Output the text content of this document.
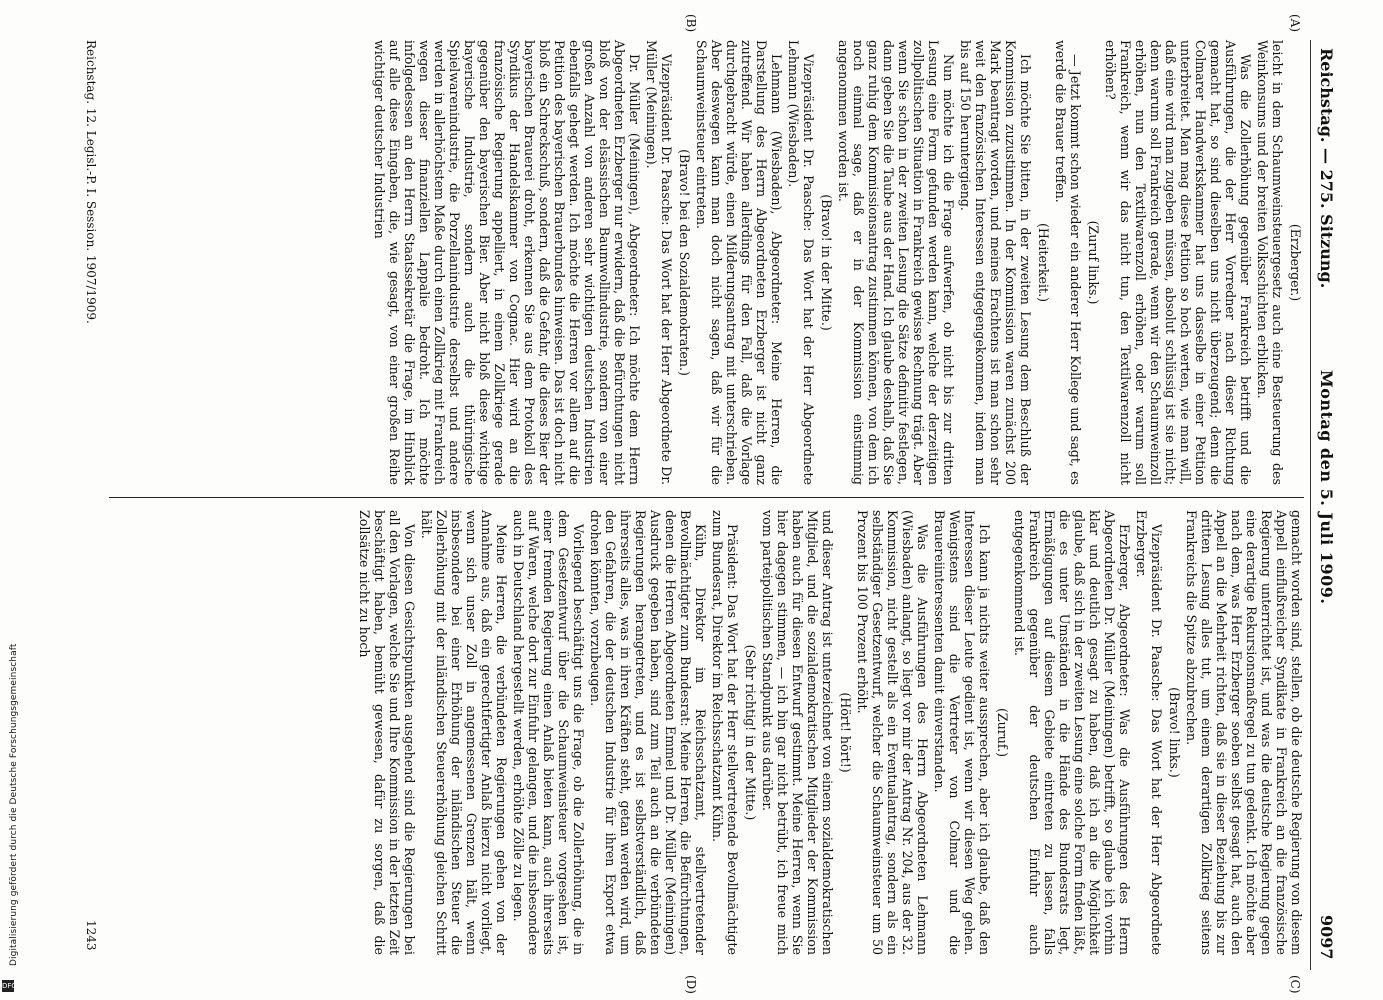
Digitalisierung gefördert durch die Deutsche Forschungsgemeinschaft
DFG
Reichstag. — 275. Sitzung.
Montag den 5. Juli 1909.
9097

(Erzberger.)

leicht in dem Schaumweinsteuergesetz auch eine Besteuerung des Weinkonsums und der breiten Volksschichten erblicken.

Was die Zollerhöhung gegenüber Frankreich betrifft und die Ausführungen, die der Herr Vorredner nach dieser Richtung gemacht hat, so sind dieselben uns nicht überzeugend; denn die Colmarer Handwerkskammer hat uns dasselbe in einer Petition unterbreitet. Man mag diese Petition so hoch werten, wie man will, daß eine wird man zugeben müssen, absolut schlüssig ist sie nicht; denn warum soll Frankreich gerade, wenn wir den Schaumweinzoll erhöhen, nun den Textilwarenzoll erhöhen, oder warum soll Frankreich, wenn wir das nicht tun, den Textilwarenzoll nicht erhöhen?

(Zuruf links.)

— Jetzt kommt schon wieder ein anderer Herr Kollege und sagt, es werde die Brauer treffen.

(Heiterkeit.)

Ich möchte Sie bitten, in der zweiten Lesung dem Beschluß der Kommission zuzustimmen. In der Kommission waren zunächst 200 Mark beantragt worden, und meines Erachtens ist man schon sehr weit den französischen Interessen entgegengekommen, indem man bis auf 150 heruntergieng.

Nun möchte ich die Frage aufwerfen, ob nicht bis zur dritten Lesung eine Form gefunden werden kann, welche der derzeitigen zollpolitischen Situation in Frankreich gewisse Rechnung trägt. Aber wenn Sie schon in der zweiten Lesung die Sätze definitiv festlegen, dann geben Sie die Taube aus der Hand. Ich glaube deshalb, daß Sie ganz ruhig dem Kommissionsantrag zustimmen können, von dem ich noch einmal sage, daß er in der Kommission einstimmig angenommen worden ist.

(Bravo! in der Mitte.)

Vizepräsident Dr. Paasche: Das Wort hat der Herr Abgeordnete Lehmann (Wiesbaden).

Lehmann (Wiesbaden), Abgeordneter: Meine Herren, die Darstellung des Herrn Abgeordneten Erzberger ist nicht ganz zutreffend. Wir haben allerdings für den Fall, daß die Vorlage durchgebracht würde, einen Milderungsantrag mit unterschrieben. Aber deswegen kann man doch nicht sagen, daß wir für die Schaumweinsteuer eintreten.

(Bravo! bei den Sozialdemokraten.)

Vizepräsident Dr. Paasche: Das Wort hat der Herr Abgeordnete Dr. Müller (Meiningen).

Dr. Müller (Meiningen), Abgeordneter: Ich möchte dem Herrn Abgeordneten Erzberger nur erwidern, daß die Befürchtungen nicht bloß von der elsässischen Baumwollindustrie, sondern von einer großen Anzahl von anderen sehr wichtigen deutschen Industrien ebenfalls gehegt werden. Ich möchte die Herren vor allem auf die Petition des bayerischen Brauerbundes hinweisen. Das ist doch nicht bloß ein Schreckschuß, sondern, daß die Gefahr, die dieses Bier der bayerischen Brauerei droht, erkennen Sie aus dem Protokoll des Syndikus der Handelskammer von Cognac. Hier wird an die französische Regierung appelliert, in einem Zollkriege gerade gegenüber den bayerischen Bier. Aber nicht bloß diese wichtige bayerische Industrie, sondern auch die thüringische Spielwarenindustrie, die Porzellanindustrie derselbst und andere werden in allerhöchstem Maße durch einen Zollkrieg mit Frankreich wegen dieser finanziellen Lappalie bedroht. Ich möchte infolgedessen an den Herrn Staatssekretär die Frage, im Hinblick auf alle diese Eingaben, die, wie gesagt, von einer großen Reihe wichtiger deutscher Industrien

gemacht worden sind, stellen, ob die deutsche Regierung von diesem Appell einflußreicher Syndikate in Frankreich an die französische Regierung unterrichtet ist, und was die deutsche Regierung gegen eine derartige Rekursionsmaßregel zu tun gedenkt. Ich möchte aber nach dem, was Herr Erzberger soeben selbst gesagt hat, auch den Appell an die Mehrheit richten, daß sie in dieser Beziehung bis zur dritten Lesung alles tut, um einem derartigen Zollkrieg seitens Frankreichs die Spitze abzubrechen.

(Bravo! links.)

Vizepräsident Dr. Paasche: Das Wort hat der Herr Abgeordnete Erzberger.

Erzberger, Abgeordneter: Was die Ausführungen des Herrn Abgeordneten Dr. Müller (Meiningen) betrifft, so glaube ich vorhin klar und deutlich gesagt zu haben, daß ich an die Möglichkeit glaube, daß sich in der zweiten Lesung eine solche Form finden läßt, die es unter Umständen in die Hände des Bundesrats legt, Ermäßigungen auf diesem Gebiete eintreten zu lassen, falls Frankreich gegenüber der deutschen Einfuhr auch entgegenkommend ist.

(Zuruf.)

Ich kann ja nichts weiter aussprechen, aber ich glaube, daß den Interessen dieser Leute gedient ist, wenn wir diesen Weg gehen. Wenigstens sind die Vertreter von Colmar und die Brauereiinteressenten damit einverstanden.

Was die Ausführungen des Herrn Abgeordneten Lehmann (Wiesbaden) anlangt, so liegt vor mir der Antrag Nr. 204, aus der 32. Kommission, nicht gestellt als ein Eventualantrag, sondern als ein selbständiger Gesetzentwurf, welcher die Schaumweinsteuer um 50 Prozent bis 100 Prozent erhöht.

(Hört! hört!)

und dieser Antrag ist unterzeichnet von einem sozialdemokratischen Mitglied, und die sozialdemokratischen Mitglieder der Kommission haben auch für diesen Entwurf gestimmt. Meine Herren, wenn Sie hier dagegen stimmen, — ich bin gar nicht betrübt, ich freue mich vom parteipolitischen Standpunkt aus darüber.

(Sehr richtig! in der Mitte.)

Präsident: Das Wort hat der Herr stellvertretende Bevollmächtigte zum Bundesrat, Direktor im Reichsschatzamt Kühn.

Kühn, Direktor im Reichsschatzamt, stellvertretender Bevollmächtigter zum Bundesrat: Meine Herren, die Befürchtungen, denen die Herren Abgeordneten Emmel und Dr. Müller (Meiningen) Ausdruck gegeben haben, sind zum Teil auch an die verbündeten Regierungen herangetreten, und es ist selbstverständlich, daß ihrerseits alles, was in ihren Kräften steht, getan werden wird, um den Gefahren, die der deutschen Industrie für ihren Export etwa drohen könnten, vorzubeugen.

Vorliegend beschäftigt uns die Frage, ob die Zollerhöhung, die in dem Gesetzentwurf über die Schaumweinsteuer vorgesehen ist, einer fremden Regierung einen Anlaß bieten kann, auch ihrerseits auf Waren, welche dort zur Einfuhr gelangen, und die insbesondere auch in Deutschland hergestellt werden, erhöhte Zölle zu legen.

Meine Herren, die verbündeten Regierungen gehen von der Annahme aus, daß ein gerechtfertigter Anlaß hierzu nicht vorliegt, wenn sich unser Zoll in angemessenen Grenzen hält, wenn insbesondere bei einer Erhöhung der inländischen Steuer die Zollerhöhung mit der inländischen Steuererhöhung gleichen Schritt hält.

Von diesen Gesichtspunkten ausgehend sind die Regierungen bei all den Vorlagen, welche Sie und Ihre Kommission in der letzten Zeit beschäftigt haben, bemüht gewesen, dafür zu sorgen, daß die Zollsätze nicht zu hoch

(A)
(B)
(C)
(D)
Reichstag. 12. Legisl.-P. I. Session. 1907/1909.
1243
